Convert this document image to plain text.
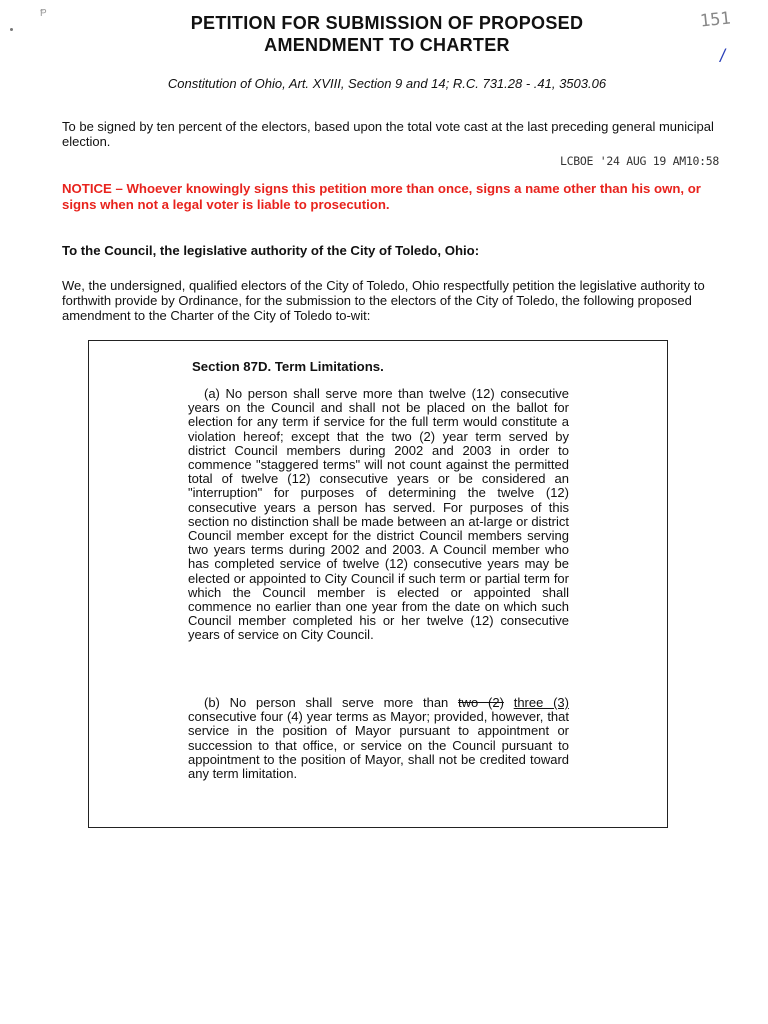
Ᵽ	PETITION FOR SUBMISSION OF PROPOSED
AMENDMENT TO CHARTER
151
/
Constitution of Ohio, Art. XVIII, Section 9 and 14; R.C. 731.28 - .41, 3503.06
To be signed by ten percent of the electors, based upon the total vote cast at the last preceding general municipal election.
LCBOE '24 AUG 19 AM10:58
NOTICE – Whoever knowingly signs this petition more than once, signs a name other than his own, or signs when not a legal voter is liable to prosecution.
To the Council, the legislative authority of the City of Toledo, Ohio:
We, the undersigned, qualified electors of the City of Toledo, Ohio respectfully petition the legislative authority to forthwith provide by Ordinance, for the submission to the electors of the City of Toledo, the following proposed amendment to the Charter of the City of Toledo to-wit:
Section 87D. Term Limitations.
(a) No person shall serve more than twelve (12) consecutive years on the Council and shall not be placed on the ballot for election for any term if service for the full term would constitute a violation hereof; except that the two (2) year term served by district Council members during 2002 and 2003 in order to commence "staggered terms" will not count against the permitted total of twelve (12) consecutive years or be considered an "interruption" for purposes of determining the twelve (12) consecutive years a person has served. For purposes of this section no distinction shall be made between an at-large or district Council member except for the district Council members serving two years terms during 2002 and 2003. A Council member who has completed service of twelve (12) consecutive years may be elected or appointed to City Council if such term or partial term for which the Council member is elected or appointed shall commence no earlier than one year from the date on which such Council member completed his or her twelve (12) consecutive years of service on City Council.
(b) No person shall serve more than two (2) three (3) consecutive four (4) year terms as Mayor; provided, however, that service in the position of Mayor pursuant to appointment or succession to that office, or service on the Council pursuant to appointment to the position of Mayor, shall not be credited toward any term limitation.
